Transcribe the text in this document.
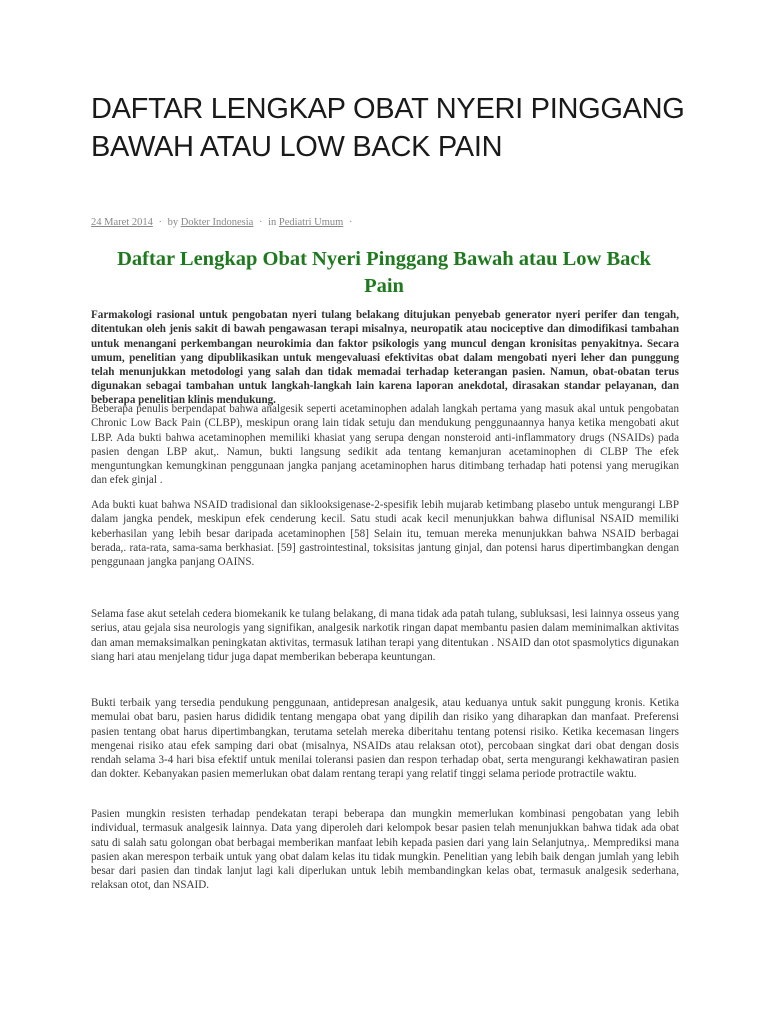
DAFTAR LENGKAP OBAT NYERI PINGGANG BAWAH ATAU LOW BACK PAIN
24 Maret 2014 · by Dokter Indonesia · in Pediatri Umum ·
Daftar Lengkap Obat Nyeri Pinggang Bawah atau Low Back Pain

Farmakologi rasional untuk pengobatan nyeri tulang belakang ditujukan penyebab generator nyeri perifer dan tengah, ditentukan oleh jenis sakit di bawah pengawasan terapi misalnya, neuropatik atau nociceptive dan dimodifikasi tambahan untuk menangani perkembangan neurokimia dan faktor psikologis yang muncul dengan kronisitas penyakitnya. Secara umum, penelitian yang dipublikasikan untuk mengevaluasi efektivitas obat dalam mengobati nyeri leher dan punggung telah menunjukkan metodologi yang salah dan tidak memadai terhadap keterangan pasien. Namun, obat-obatan terus digunakan sebagai tambahan untuk langkah-langkah lain karena laporan anekdotal, dirasakan standar pelayanan, dan beberapa penelitian klinis mendukung.

Beberapa penulis berpendapat bahwa analgesik seperti acetaminophen adalah langkah pertama yang masuk akal untuk pengobatan Chronic Low Back Pain (CLBP), meskipun orang lain tidak setuju dan mendukung penggunaannya hanya ketika mengobati akut LBP. Ada bukti bahwa acetaminophen memiliki khasiat yang serupa dengan nonsteroid anti-inflammatory drugs (NSAIDs) pada pasien dengan LBP akut,. Namun, bukti langsung sedikit ada tentang kemanjuran acetaminophen di CLBP The efek menguntungkan kemungkinan penggunaan jangka panjang acetaminophen harus ditimbang terhadap hati potensi yang merugikan dan efek ginjal .

Ada bukti kuat bahwa NSAID tradisional dan siklooksigenase-2-spesifik lebih mujarab ketimbang plasebo untuk mengurangi LBP dalam jangka pendek, meskipun efek cenderung kecil. Satu studi acak kecil menunjukkan bahwa diflunisal NSAID memiliki keberhasilan yang lebih besar daripada acetaminophen [58] Selain itu, temuan mereka menunjukkan bahwa NSAID berbagai berada,. rata-rata, sama-sama berkhasiat. [59] gastrointestinal, toksisitas jantung ginjal, dan potensi harus dipertimbangkan dengan penggunaan jangka panjang OAINS.

Selama fase akut setelah cedera biomekanik ke tulang belakang, di mana tidak ada patah tulang, subluksasi, lesi lainnya osseus yang serius, atau gejala sisa neurologis yang signifikan, analgesik narkotik ringan dapat membantu pasien dalam meminimalkan aktivitas dan aman memaksimalkan peningkatan aktivitas, termasuk latihan terapi yang ditentukan . NSAID dan otot spasmolytics digunakan siang hari atau menjelang tidur juga dapat memberikan beberapa keuntungan.

Bukti terbaik yang tersedia pendukung penggunaan, antidepresan analgesik, atau keduanya untuk sakit punggung kronis. Ketika memulai obat baru, pasien harus dididik tentang mengapa obat yang dipilih dan risiko yang diharapkan dan manfaat. Preferensi pasien tentang obat harus dipertimbangkan, terutama setelah mereka diberitahu tentang potensi risiko. Ketika kecemasan lingers mengenai risiko atau efek samping dari obat (misalnya, NSAIDs atau relaksan otot), percobaan singkat dari obat dengan dosis rendah selama 3-4 hari bisa efektif untuk menilai toleransi pasien dan respon terhadap obat, serta mengurangi kekhawatiran pasien dan dokter. Kebanyakan pasien memerlukan obat dalam rentang terapi yang relatif tinggi selama periode protractile waktu.

Pasien mungkin resisten terhadap pendekatan terapi beberapa dan mungkin memerlukan kombinasi pengobatan yang lebih individual, termasuk analgesik lainnya. Data yang diperoleh dari kelompok besar pasien telah menunjukkan bahwa tidak ada obat satu di salah satu golongan obat berbagai memberikan manfaat lebih kepada pasien dari yang lain Selanjutnya,. Memprediksi mana pasien akan merespon terbaik untuk yang obat dalam kelas itu tidak mungkin. Penelitian yang lebih baik dengan jumlah yang lebih besar dari pasien dan tindak lanjut lagi kali diperlukan untuk lebih membandingkan kelas obat, termasuk analgesik sederhana, relaksan otot, dan NSAID.
